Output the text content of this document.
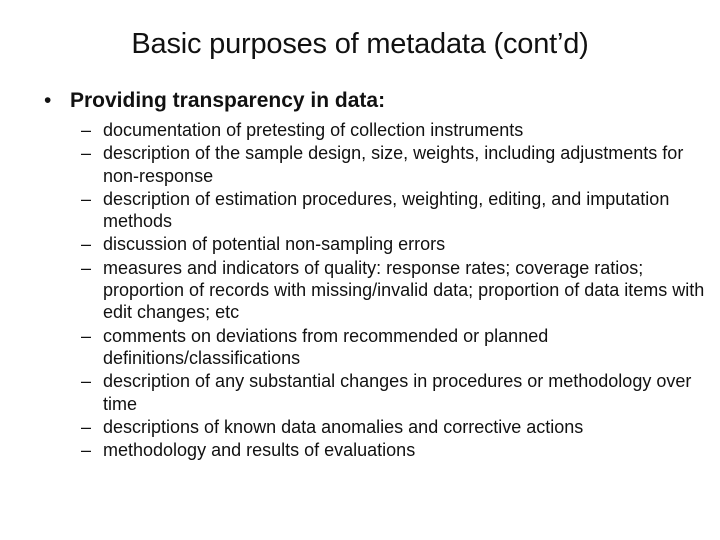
Basic purposes of metadata (cont’d)
• Providing transparency in data:
– documentation of pretesting of collection instruments
– description of the sample design, size, weights, including adjustments for non-response
– description of estimation procedures, weighting, editing, and imputation methods
– discussion of potential non-sampling errors
– measures and indicators of quality: response rates; coverage ratios; proportion of records with missing/invalid data; proportion of data items with edit changes; etc
– comments on deviations from recommended or planned definitions/classifications
– description of any substantial changes in procedures or methodology over time
– descriptions of known data anomalies and corrective actions
– methodology and results of evaluations
